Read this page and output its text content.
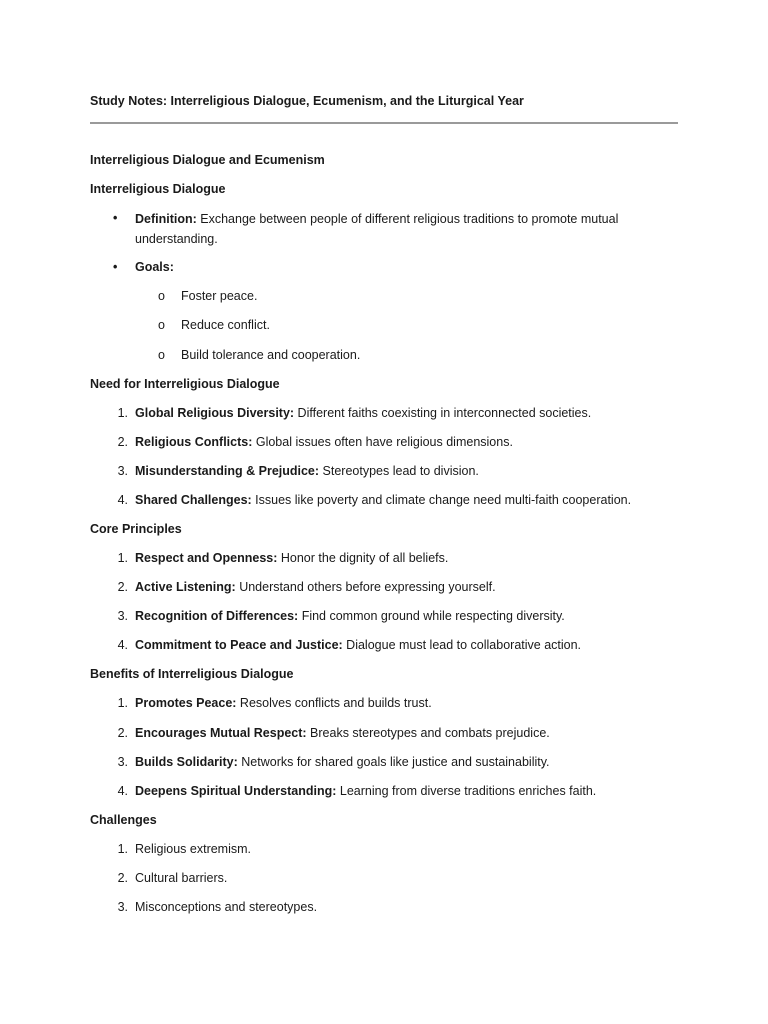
Study Notes: Interreligious Dialogue, Ecumenism, and the Liturgical Year
Interreligious Dialogue and Ecumenism
Interreligious Dialogue
• Definition: Exchange between people of different religious traditions to promote mutual understanding.
• Goals:
o Foster peace.
o Reduce conflict.
o Build tolerance and cooperation.
Need for Interreligious Dialogue
1. Global Religious Diversity: Different faiths coexisting in interconnected societies.
2. Religious Conflicts: Global issues often have religious dimensions.
3. Misunderstanding & Prejudice: Stereotypes lead to division.
4. Shared Challenges: Issues like poverty and climate change need multi-faith cooperation.
Core Principles
1. Respect and Openness: Honor the dignity of all beliefs.
2. Active Listening: Understand others before expressing yourself.
3. Recognition of Differences: Find common ground while respecting diversity.
4. Commitment to Peace and Justice: Dialogue must lead to collaborative action.
Benefits of Interreligious Dialogue
1. Promotes Peace: Resolves conflicts and builds trust.
2. Encourages Mutual Respect: Breaks stereotypes and combats prejudice.
3. Builds Solidarity: Networks for shared goals like justice and sustainability.
4. Deepens Spiritual Understanding: Learning from diverse traditions enriches faith.
Challenges
1. Religious extremism.
2. Cultural barriers.
3. Misconceptions and stereotypes.
